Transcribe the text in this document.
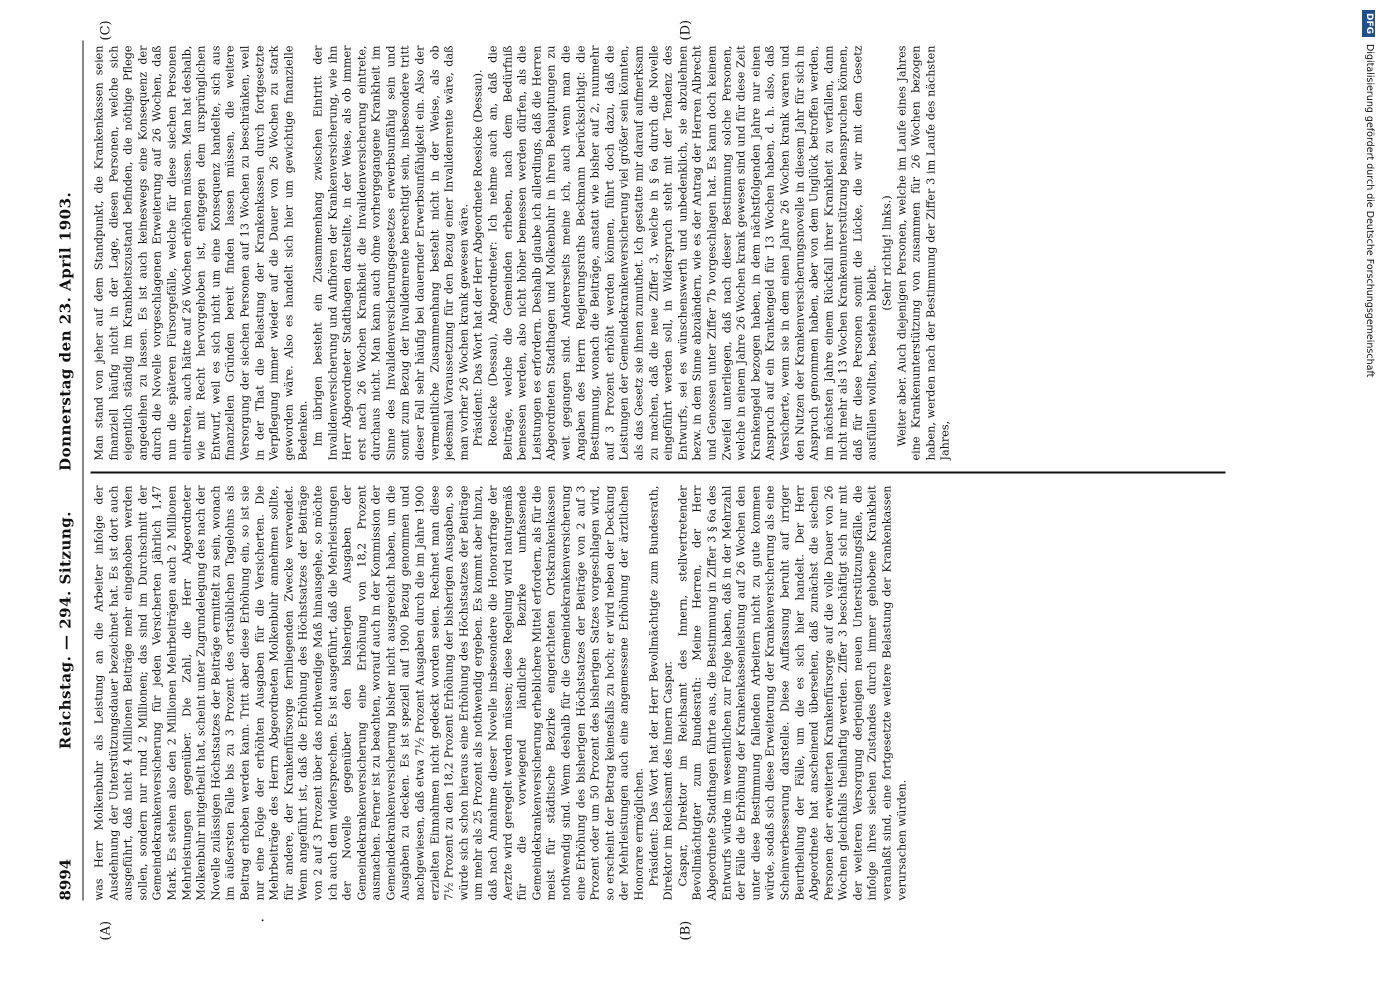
8994
Reichstag. — 294. Sitzung.       Donnerstag den 23. April 1903.
(A)	(B)
(C)	(D)
·

was Herr Molkenbuhr als Leistung an die Arbeiter infolge der Ausdehnung der Unterstützungsdauer bezeichnet hat. Es ist dort auch ausgeführt, daß nicht 4 Millionen Beiträge mehr eingehoben werden sollen, sondern nur rund 2 Millionen; das sind im Durchschnitt der Gemeindekrankenversicherung für jeden Versicherten jährlich 1,47 Mark. Es stehen also den 2 Millionen Mehrbeiträgen auch 2 Millionen Mehrleistungen gegenüber. Die Zahl, die Herr Abgeordneter Molkenbuhr mitgetheilt hat, scheint unter Zugrundelegung des nach der Novelle zulässigen Höchstsatzes der Beiträge ermittelt zu sein, wonach im äußersten Falle bis zu 3 Prozent des ortsüblichen Tagelohns als Beitrag erhoben werden kann. Tritt aber diese Erhöhung ein, so ist sie nur eine Folge der erhöhten Ausgaben für die Versicherten. Die Mehrbeiträge des Herrn Abgeordneten Molkenbuhr annehmen sollte, für andere, der Krankenfürsorge fernliegenden Zwecke verwendet. Wenn angeführt ist, daß die Erhöhung des Höchstsatzes der Beiträge von 2 auf 3 Prozent über das nothwendige Maß hinausgehe, so möchte ich auch dem widersprechen. Es ist ausgeführt, daß die Mehrleistungen der Novelle gegenüber den bisherigen Ausgaben der Gemeindekrankenversicherung eine Erhöhung von 18,2 Prozent ausmachen. Ferner ist zu beachten, worauf auch in der Kommission der Gemeindekrankenversicherung bisher nicht ausgereicht haben, um die Ausgaben zu decken. Es ist speziell auf 1900 Bezug genommen und nachgewiesen, daß etwa 7½ Prozent Ausgaben durch die im Jahre 1900 erzielten Einnahmen nicht gedeckt worden seien. Rechnet man diese 7½ Prozent zu den 18,2 Prozent Erhöhung der bisherigen Ausgaben, so würde sich schon hieraus eine Erhöhung des Höchstsatzes der Beiträge um mehr als 25 Prozent als nothwendig ergeben. Es kommt aber hinzu, daß nach Annahme dieser Novelle insbesondere die Honorarfrage der Aerzte wird geregelt werden müssen; diese Regelung wird naturgemäß für die vorwiegend ländliche Bezirke umfassende Gemeindekrankenversicherung erheblichere Mittel erfordern, als für die meist für städtische Bezirke eingerichteten Ortskrankenkassen nothwendig sind. Wenn deshalb für die Gemeindekrankenversicherung eine Erhöhung des bisherigen Höchstsatzes der Beiträge von 2 auf 3 Prozent oder um 50 Prozent des bisherigen Satzes vorgeschlagen wird, so erscheint der Betrag keinesfalls zu hoch; er wird neben der Deckung der Mehrleistungen auch eine angemessene Erhöhung der ärztlichen Honorare ermöglichen. Präsident: Das Wort hat der Herr Bevollmächtigte zum Bundesrath, Direktor im Reichsamt des Innern Caspar. Caspar, Direktor im Reichsamt des Innern, stellvertretender Bevollmächtigter zum Bundesrath: Meine Herren, der Herr Abgeordnete Stadthagen führte aus, die Bestimmung in Ziffer 3 § 6a des Entwurfs würde im wesentlichen zur Folge haben, daß in der Mehrzahl der Fälle die Erhöhung der Krankenkassenleistung auf 26 Wochen den unter diese Bestimmung fallenden Arbeitern nicht zu gute kommen würde, sodaß sich diese Erweiterung der Krankenversicherung als eine Scheinverbesserung darstelle. Diese Auffassung beruht auf irriger Beurtheilung der Fälle, um die es sich hier handelt. Der Herr Abgeordnete hat anscheinend übersehen, daß zunächst die siechen Personen der erweiterten Krankenfürsorge auf die volle Dauer von 26 Wochen gleichfalls theilhaftig werden. Ziffer 3 beschäftigt sich nur mit der weiteren Versorgung derjenigen neuen Unterstützungsfälle, die infolge ihres siechen Zustandes durch immer gehobene Krankheit veranlaßt sind, eine fortgesetzte weitere Belastung der Krankenkassen verursachen würden.

Man stand von jeher auf dem Standpunkt, die Krankenkassen seien finanziell häufig nicht in der Lage, diesen Personen, welche sich eigentlich ständig im Krankheitszustand befinden, die nöthige Pflege angedeihen zu lassen. Es ist auch keineswegs eine Konsequenz der durch die Novelle vorgeschlagenen Erweiterung auf 26 Wochen, daß nun die späteren Fürsorgefälle, welche für diese siechen Personen eintreten, auch hätte auf 26 Wochen erhöhen müssen. Man hat deshalb, wie mit Recht hervorgehoben ist, entgegen dem ursprünglichen Entwurf, weil es sich nicht um eine Konsequenz handelte, sich aus finanziellen Gründen bereit finden lassen müssen, die weitere Versorgung der siechen Personen auf 13 Wochen zu beschränken, weil in der That die Belastung der Krankenkassen durch fortgesetzte Verpflegung immer wieder auf die Dauer von 26 Wochen zu stark geworden wäre. Also es handelt sich hier um gewichtige finanzielle Bedenken. Im übrigen besteht ein Zusammenhang zwischen Eintritt der Invalidenversicherung und Aufhören der Krankenversicherung, wie ihn Herr Abgeordneter Stadthagen darstellte, in der Weise, als ob immer erst nach 26 Wochen Krankheit die Invalidenversicherung eintrete, durchaus nicht. Man kann auch ohne vorhergegangene Krankheit im Sinne des Invalidenversicherungsgesetzes erwerbsunfähig sein und somit zum Bezug der Invalidenrente berechtigt sein, insbesondere tritt dieser Fall sehr häufig bei dauernder Erwerbsunfähigkeit ein. Also der vermeintliche Zusammenhang besteht nicht in der Weise, als ob jedesmal Voraussetzung für den Bezug einer Invalidenrente wäre, daß man vorher 26 Wochen krank gewesen wäre. Präsident: Das Wort hat der Herr Abgeordnete Roesicke (Dessau). Roesicke (Dessau), Abgeordneter: Ich nehme auch an, daß die Beiträge, welche die Gemeinden erheben, nach dem Bedürfniß bemessen werden, also nicht höher bemessen werden dürfen, als die Leistungen es erfordern. Deshalb glaube ich allerdings, daß die Herren Abgeordneten Stadthagen und Molkenbuhr in ihren Behauptungen zu weit gegangen sind. Andererseits meine ich, auch wenn man die Angaben des Herrn Regierungsraths Beckmann berücksichtigt: die Bestimmung, wonach die Beiträge, anstatt wie bisher auf 2, nunmehr auf 3 Prozent erhöht werden können, führt doch dazu, daß die Leistungen der Gemeindekrankenversicherung viel größer sein könnten, als das Gesetz sie ihnen zumuthet. Ich gestatte mir darauf aufmerksam zu machen, daß die neue Ziffer 3, welche in § 6a durch die Novelle eingeführt werden soll, in Widerspruch steht mit der Tendenz des Entwurfs, sei es wünschenswerth und unbedenklich, sie abzulehnen bezw. in dem Sinne abzuändern, wie es der Antrag der Herren Albrecht und Genossen unter Ziffer 7b vorgeschlagen hat. Es kann doch keinem Zweifel unterliegen, daß nach dieser Bestimmung solche Personen, welche in einem Jahre 26 Wochen krank gewesen sind und für diese Zeit Krankengeld bezogen haben, in dem nächstfolgenden Jahre nur einen Anspruch auf ein Krankengeld für 13 Wochen haben, d. h. also, daß Versicherte, wenn sie in dem einen Jahre 26 Wochen krank waren und den Nutzen der Krankenversicherungsnovelle in diesem Jahr für sich in Anspruch genommen haben, aber von dem Unglück betroffen werden, im nächsten Jahre einem Rückfall ihrer Krankheit zu verfallen, dann nicht mehr als 13 Wochen Krankenunterstützung beanspruchen können, daß für diese Personen somit die Lücke, die wir mit dem Gesetz ausfüllen wollten, bestehen bleibt.

(Sehr richtig! links.) Weiter aber. Auch diejenigen Personen, welche im Laufe eines Jahres eine Krankenunterstützung von zusammen für 26 Wochen bezogen haben, werden nach der Bestimmung der Ziffer 3 im Laufe des nächsten Jahres,

DFG Digitalisierung gefördert durch die Deutsche Forschungsgemeinschaft
